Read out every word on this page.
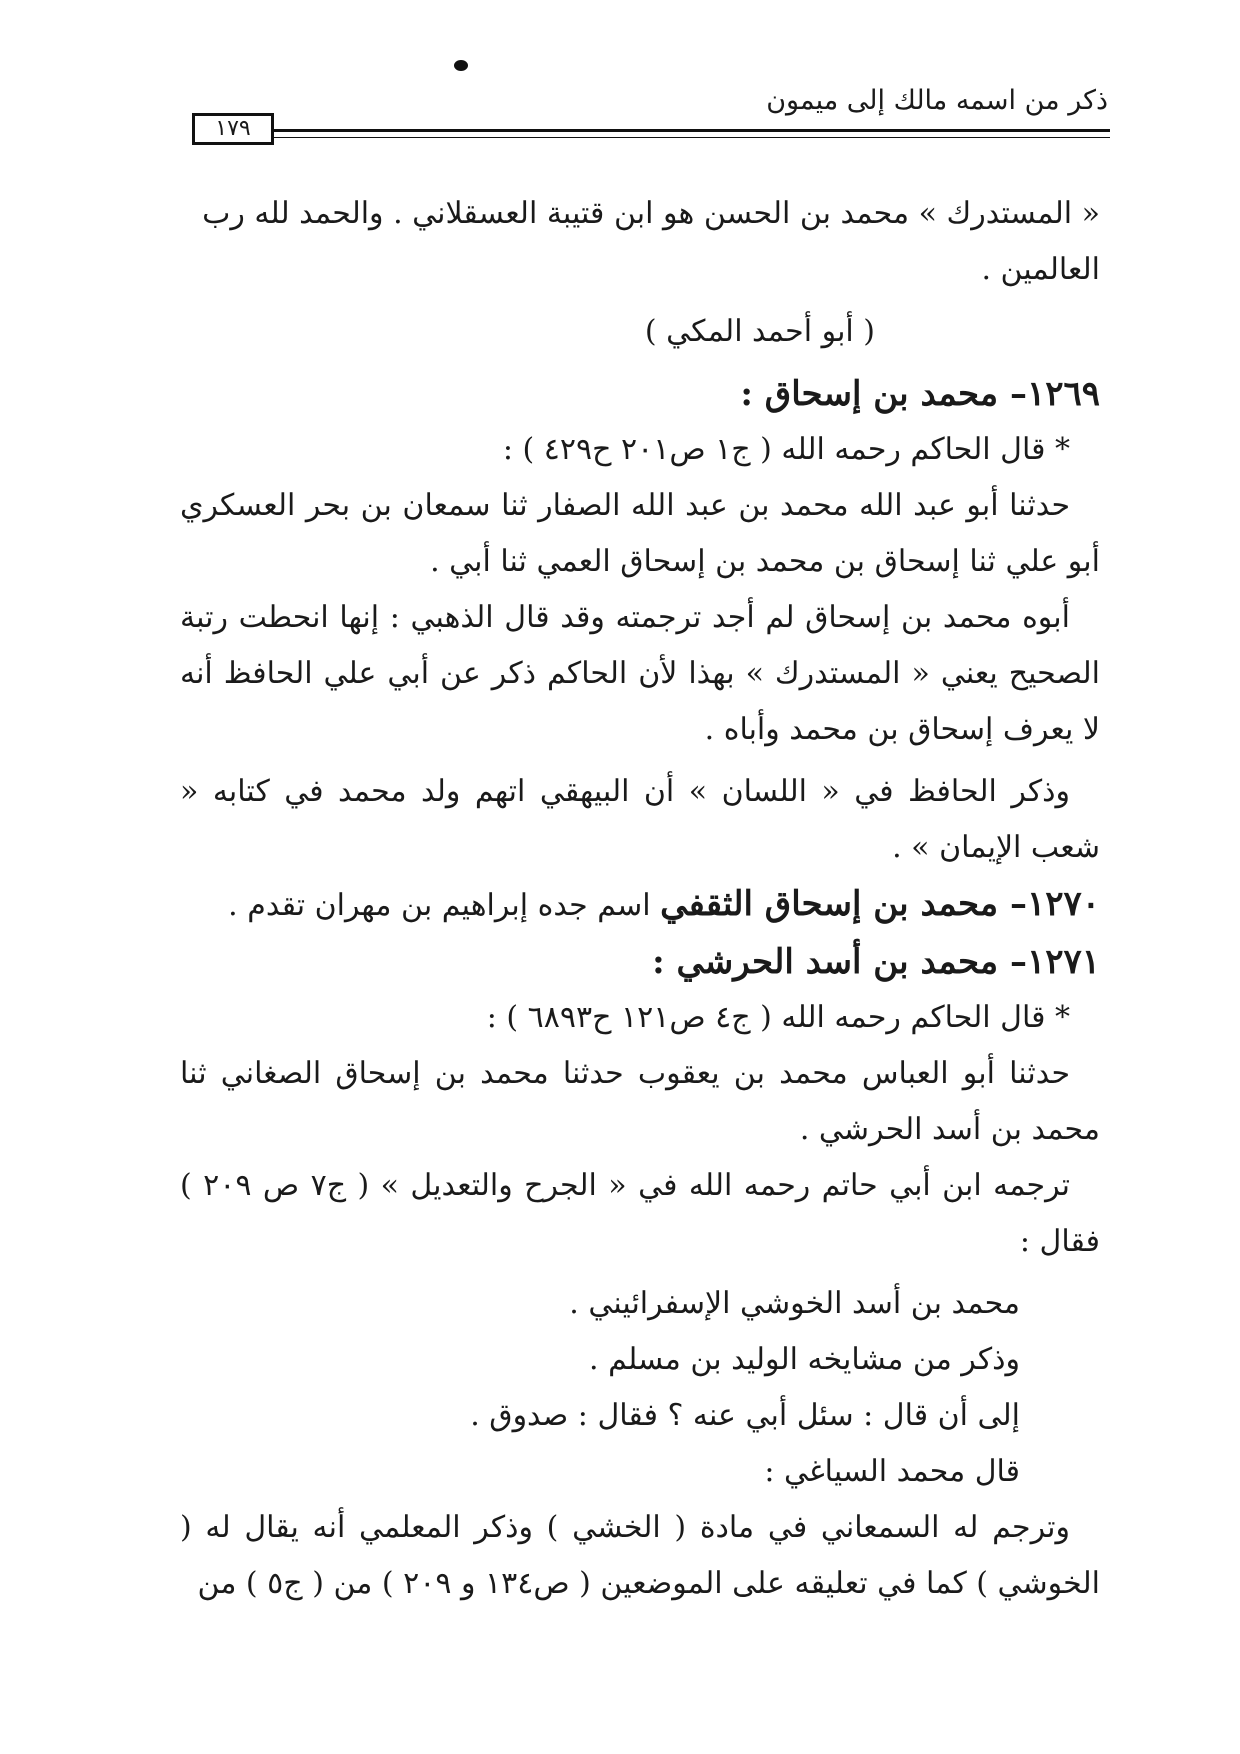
ذكر من اسمه مالك إلى ميمون
١٧٩

« المستدرك » محمد بن الحسن هو ابن قتيبة العسقلاني . والحمد لله رب

العالمين .

( أبو أحمد المكي )

١٢٦٩– محمد بن إسحاق :

* قال الحاكم رحمه الله ( ج١ ص٢٠١ ح٤٢٩ ) :

حدثنا أبو عبد الله محمد بن عبد الله الصفار ثنا سمعان بن بحر العسكري أبو علي ثنا إسحاق بن محمد بن إسحاق العمي ثنا أبي .

أبوه محمد بن إسحاق لم أجد ترجمته وقد قال الذهبي : إنها انحطت رتبة الصحيح يعني « المستدرك » بهذا لأن الحاكم ذكر عن أبي علي الحافظ أنه لا يعرف إسحاق بن محمد وأباه .

وذكر الحافظ في « اللسان » أن البيهقي اتهم ولد محمد في كتابه « شعب الإيمان » .

١٢٧٠– محمد بن إسحاق الثقفي اسم جده إبراهيم بن مهران تقدم .

١٢٧١– محمد بن أسد الحرشي :

* قال الحاكم رحمه الله ( ج٤ ص١٢١ ح٦٨٩٣ ) :

حدثنا أبو العباس محمد بن يعقوب حدثنا محمد بن إسحاق الصغاني ثنا محمد بن أسد الحرشي .

ترجمه ابن أبي حاتم رحمه الله في « الجرح والتعديل » ( ج٧ ص ٢٠٩ ) فقال :

محمد بن أسد الخوشي الإسفرائيني .

وذكر من مشايخه الوليد بن مسلم .

إلى أن قال : سئل أبي عنه ؟ فقال : صدوق .

قال محمد السياغي :

وترجم له السمعاني في مادة ( الخشي ) وذكر المعلمي أنه يقال له ( الخوشي ) كما في تعليقه على الموضعين ( ص١٣٤ و ٢٠٩ ) من ( ج٥ ) من
